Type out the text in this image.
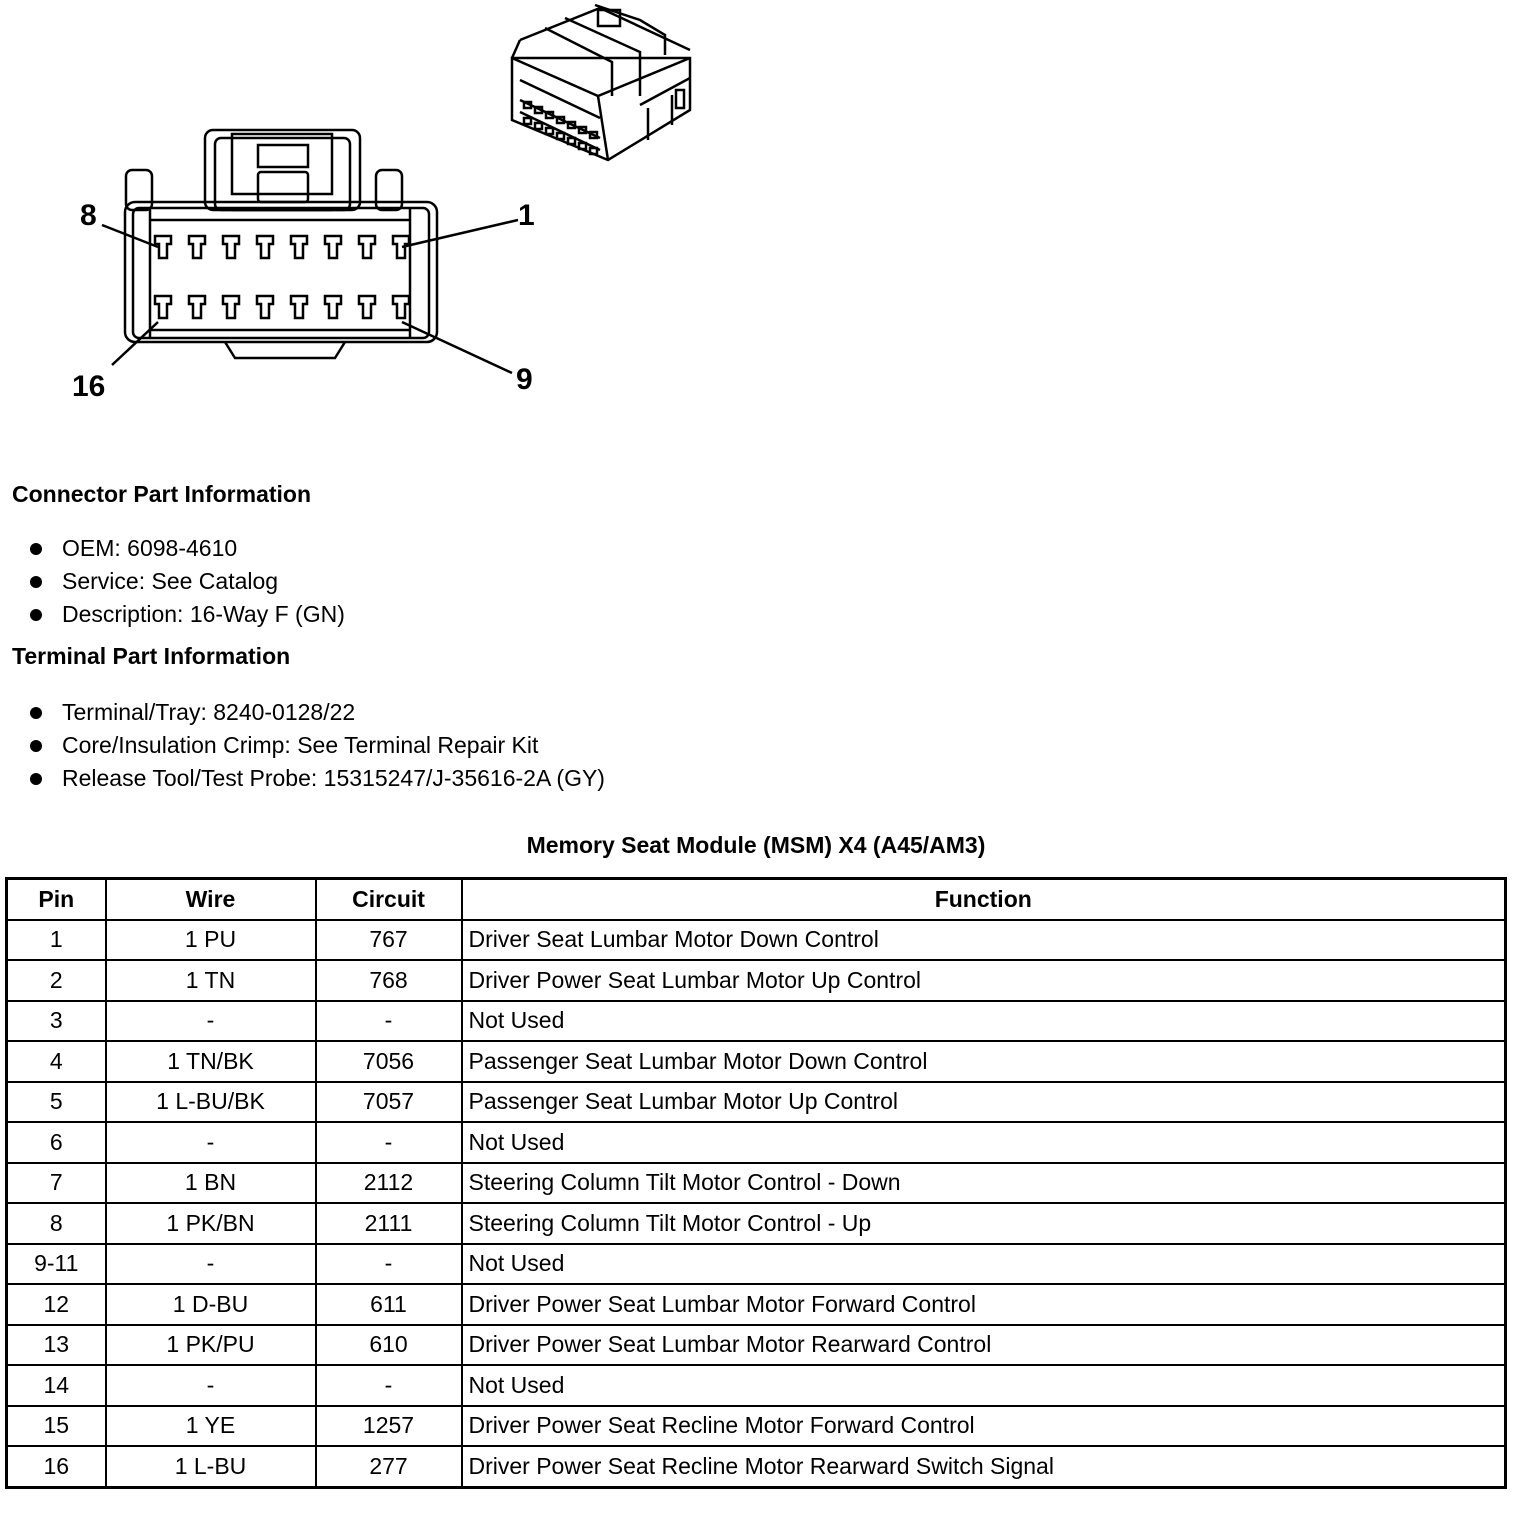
8	1
16	9
Connector Part Information
OEM: 6098-4610
Service: See Catalog
Description: 16-Way F (GN)
Terminal Part Information
Terminal/Tray: 8240-0128/22
Core/Insulation Crimp: See Terminal Repair Kit
Release Tool/Test Probe: 15315247/J-35616-2A (GY)
Memory Seat Module (MSM) X4 (A45/AM3)
Pin	Wire	Circuit	Function
1	1 PU	767	Driver Seat Lumbar Motor Down Control
2	1 TN	768	Driver Power Seat Lumbar Motor Up Control
3	-	-	Not Used
4	1 TN/BK	7056	Passenger Seat Lumbar Motor Down Control
5	1 L-BU/BK	7057	Passenger Seat Lumbar Motor Up Control
6	-	-	Not Used
7	1 BN	2112	Steering Column Tilt Motor Control - Down
8	1 PK/BN	2111	Steering Column Tilt Motor Control - Up
9-11	-	-	Not Used
12	1 D-BU	611	Driver Power Seat Lumbar Motor Forward Control
13	1 PK/PU	610	Driver Power Seat Lumbar Motor Rearward Control
14	-	-	Not Used
15	1 YE	1257	Driver Power Seat Recline Motor Forward Control
16	1 L-BU	277	Driver Power Seat Recline Motor Rearward Switch Signal
